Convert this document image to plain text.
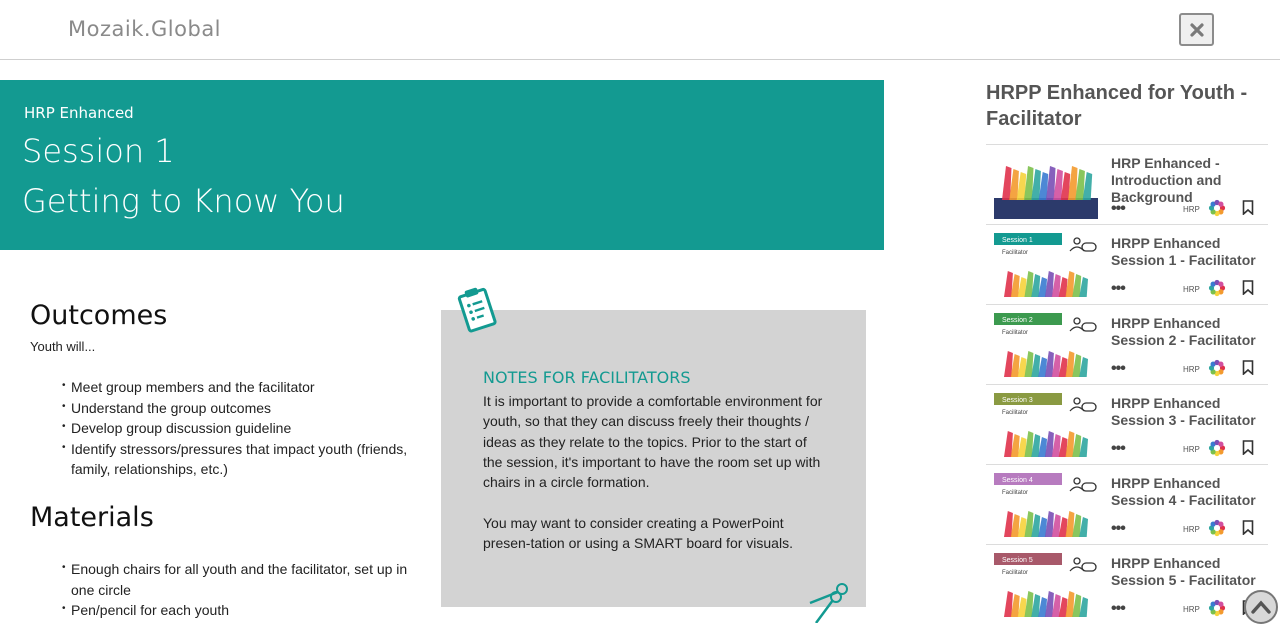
Mozaik.Global
HRP Enhanced
Session 1
Getting to Know You
Outcomes
Youth will...
• Meet group members and the facilitator
• Understand the group outcomes
• Develop group discussion guideline
• Identify stressors/pressures that impact youth (friends, family, relationships, etc.)
Materials
• Enough chairs for all youth and the facilitator, set up in one circle
• Pen/pencil for each youth
NOTES FOR FACILITATORS

It is important to provide a comfortable environment for youth, so that they can discuss freely their thoughts / ideas as they relate to the topics. Prior to the start of the session, it's important to have the room set up with chairs in a circle formation.

You may want to consider creating a PowerPoint presen-tation or using a SMART board for visuals.

HRPP Enhanced for Youth - Facilitator
HRP Enhanced - Introduction and Background
•••	HRP
Session 1
Facilitator
HRPP Enhanced Session 1 - Facilitator
•••	HRP
Session 2
Facilitator
HRPP Enhanced Session 2 - Facilitator
•••	HRP
Session 3
Facilitator
HRPP Enhanced Session 3 - Facilitator
•••	HRP
Session 4
Facilitator
HRPP Enhanced Session 4 - Facilitator
•••	HRP
Session 5
Facilitator
HRPP Enhanced Session 5 - Facilitator
•••	HRP
